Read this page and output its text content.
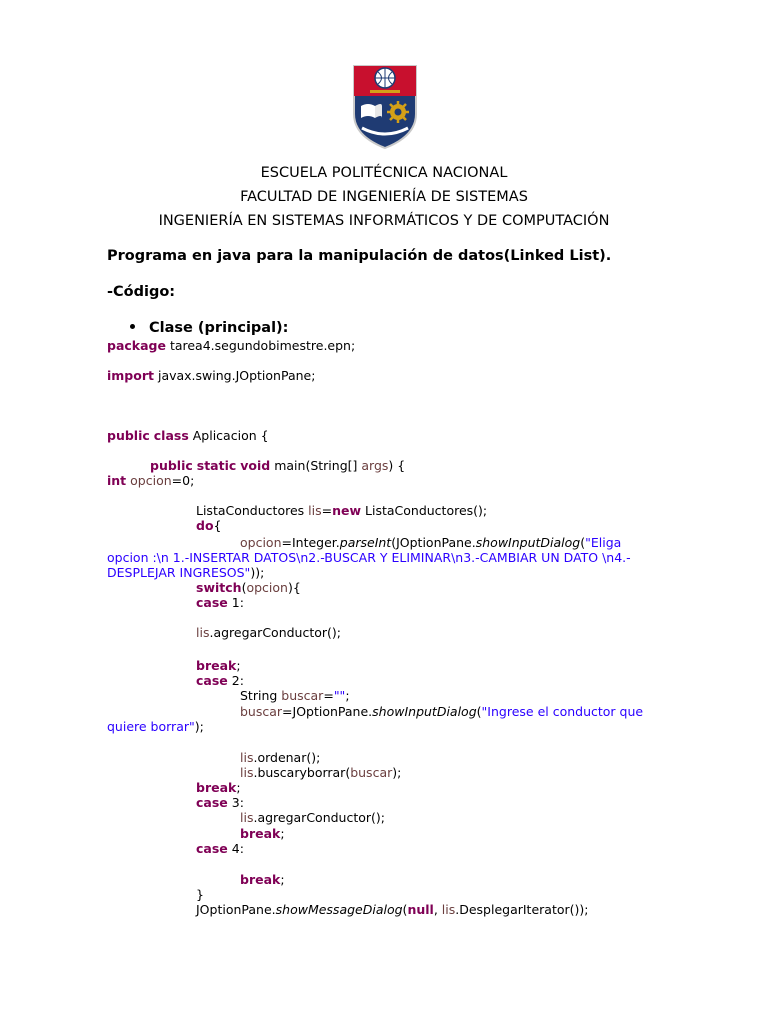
ESCUELA POLITÉCNICA NACIONAL
FACULTAD DE INGENIERÍA DE SISTEMAS
INGENIERÍA EN SISTEMAS INFORMÁTICOS Y DE COMPUTACIÓN
Programa en java para la manipulación de datos(Linked List).
-Código:
Clase (principal):
package tarea4.segundobimestre.epn;
import javax.swing.JOptionPane;
public class Aplicacion {
public static void main(String[] args) {
int opcion=0;
ListaConductores lis=new ListaConductores();
do{
opcion=Integer.parseInt(JOptionPane.showInputDialog("Eliga
opcion :\n 1.-INSERTAR DATOS\n2.-BUSCAR Y ELIMINAR\n3.-CAMBIAR UN DATO \n4.-
DESPLEJAR INGRESOS"));
switch(opcion){
case 1:
lis.agregarConductor();
break;
case 2:
String buscar="";
buscar=JOptionPane.showInputDialog("Ingrese el conductor que
quiere borrar");
lis.ordenar();
lis.buscaryborrar(buscar);
break;
case 3:
lis.agregarConductor();
break;
case 4:
break;
}
JOptionPane.showMessageDialog(null, lis.DesplegarIterator());
